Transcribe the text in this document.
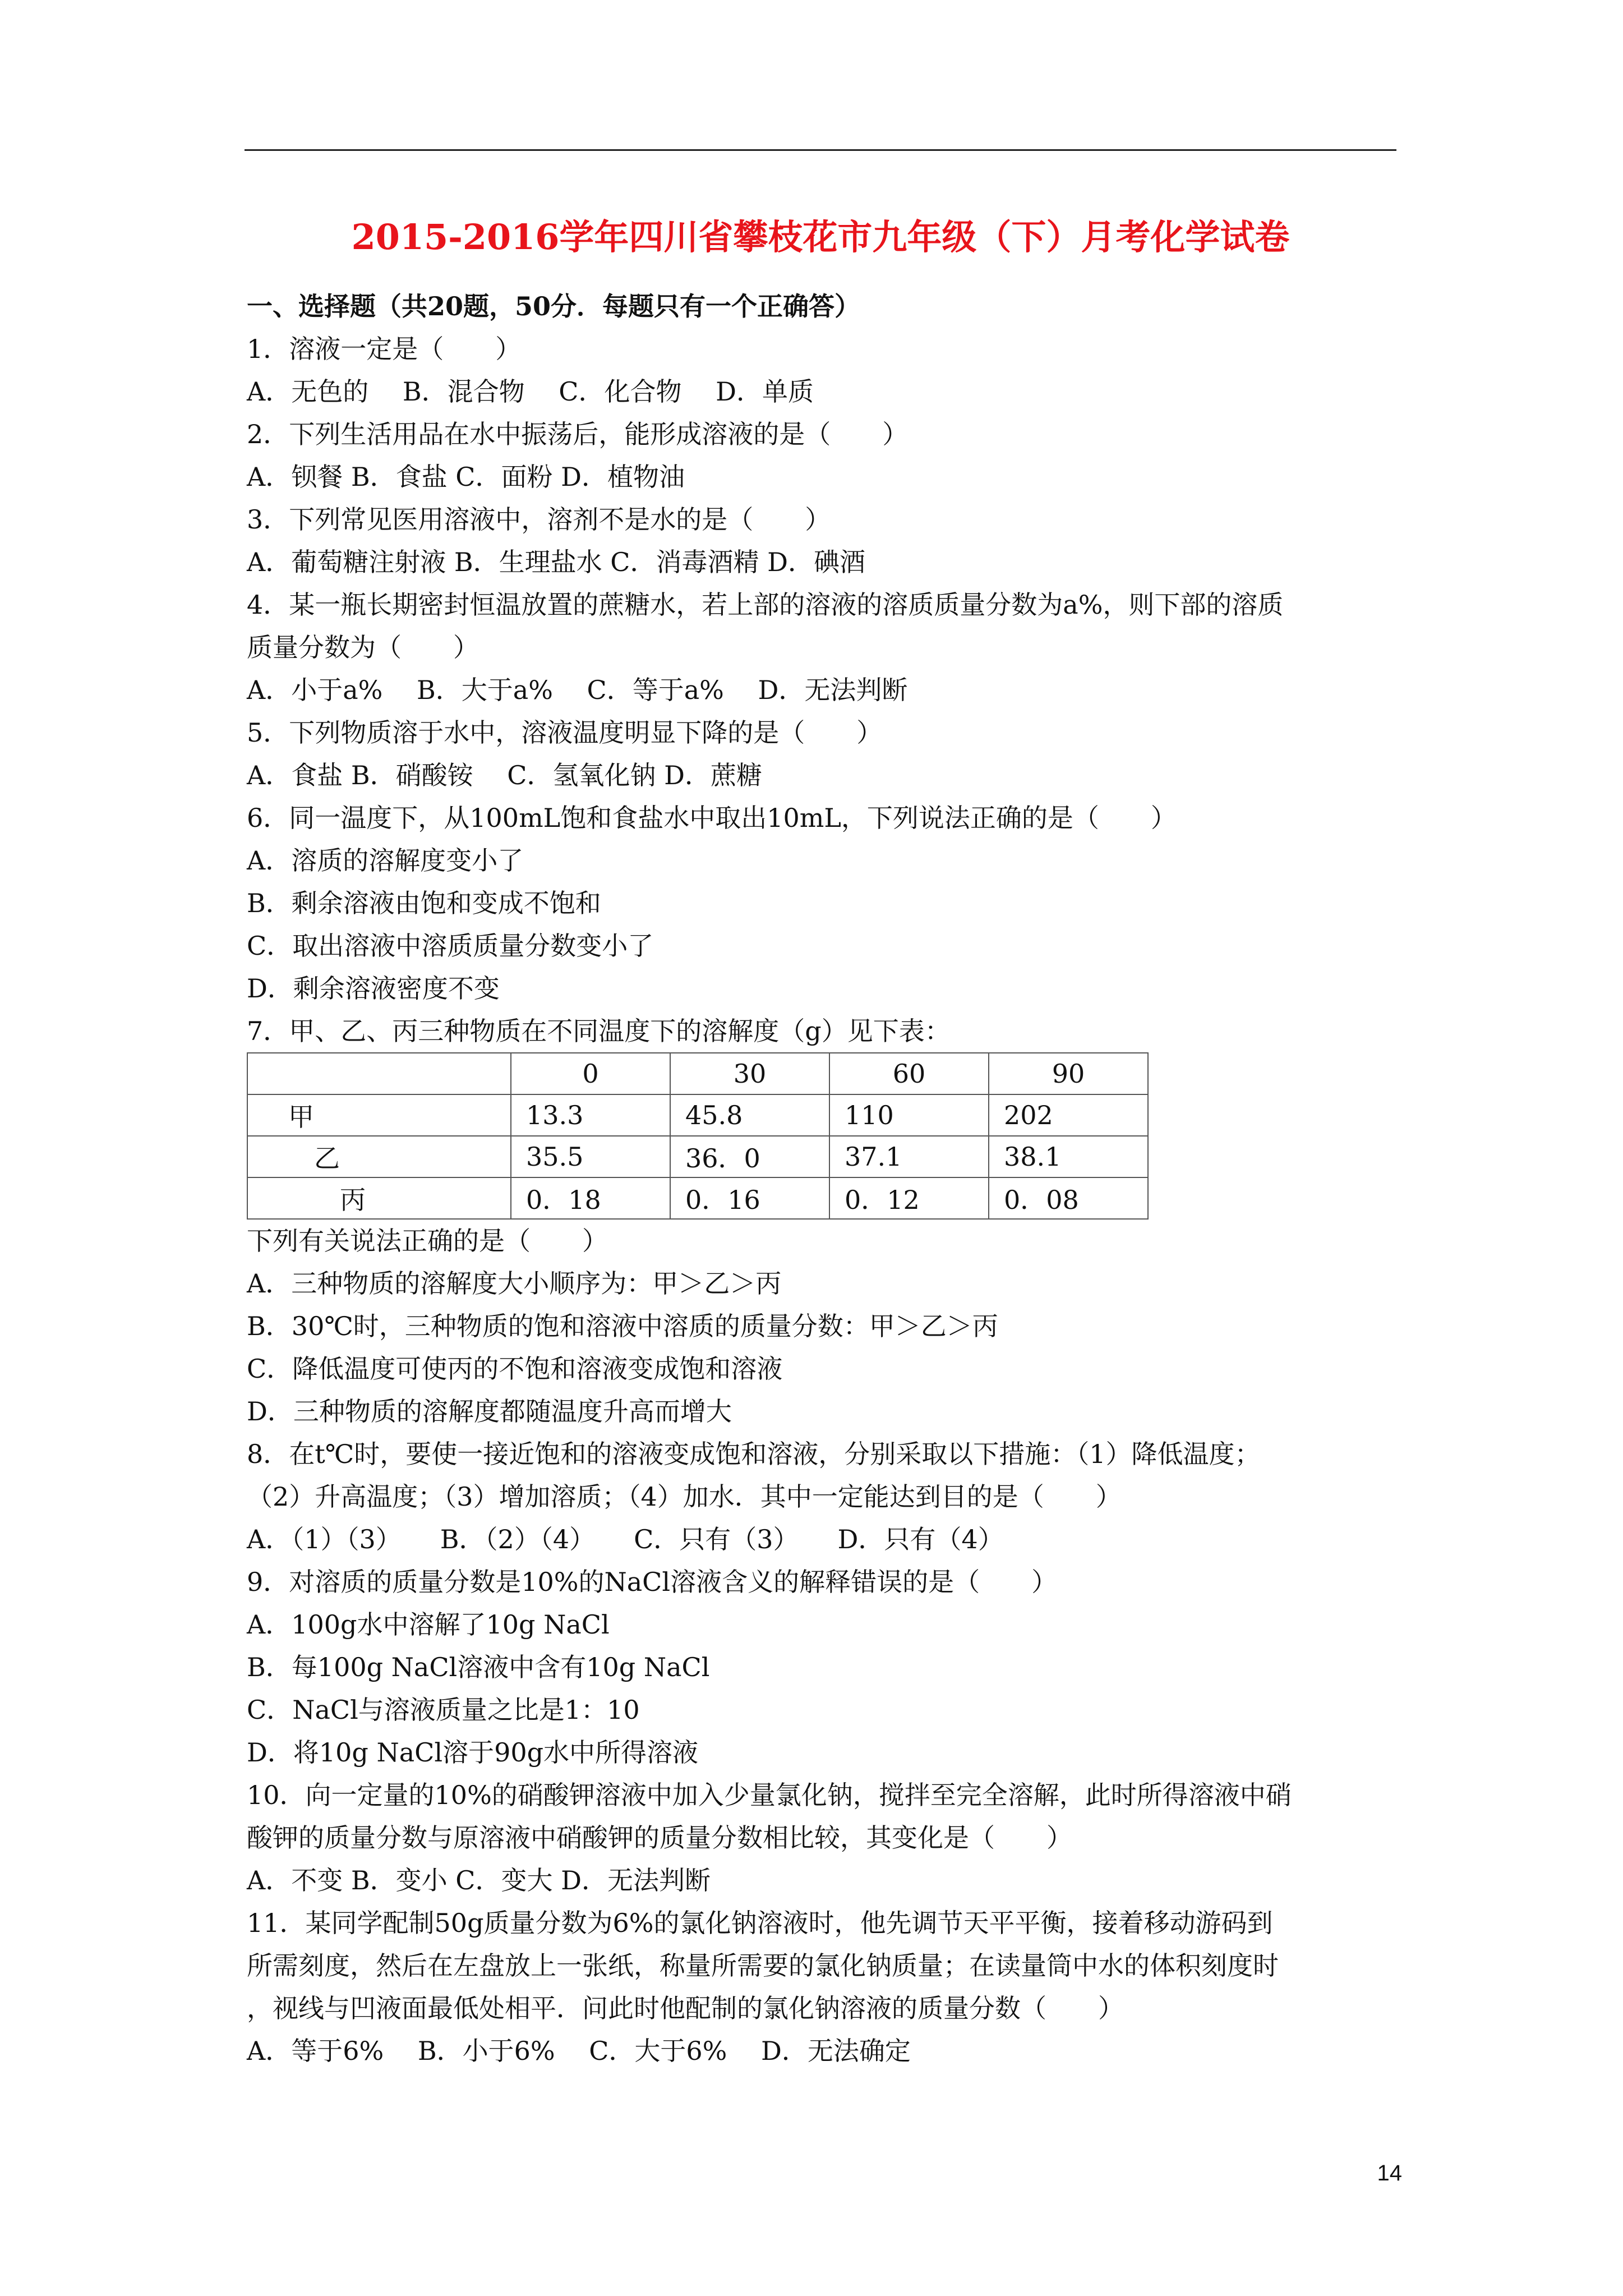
2015-2016学年四川省攀枝花市九年级（下）月考化学试卷
一、选择题（共20题，50分．每题只有一个正确答）
1．溶液一定是（　　）
A．无色的　 B．混合物　 C．化合物　 D．单质
2．下列生活用品在水中振荡后，能形成溶液的是（　　）
A．钡餐 B．食盐 C．面粉 D．植物油
3．下列常见医用溶液中，溶剂不是水的是（　　）
A．葡萄糖注射液 B．生理盐水 C．消毒酒精 D．碘酒
4．某一瓶长期密封恒温放置的蔗糖水，若上部的溶液的溶质质量分数为a%，则下部的溶质
质量分数为（　　）
A．小于a%　 B．大于a%　 C．等于a%　 D．无法判断
5．下列物质溶于水中，溶液温度明显下降的是（　　）
A．食盐 B．硝酸铵　 C．氢氧化钠 D．蔗糖
6．同一温度下，从100mL饱和食盐水中取出10mL，下列说法正确的是（　　）
A．溶质的溶解度变小了
B．剩余溶液由饱和变成不饱和
C．取出溶液中溶质质量分数变小了
D．剩余溶液密度不变
7．甲、乙、丙三种物质在不同温度下的溶解度（g）见下表：
	0	30	60	90
　甲	13.3	45.8	110	202
　　乙	35.5	36．0	37.1	38.1
　　　丙	0．18	0．16	0．12	0．08
下列有关说法正确的是（　　）
A．三种物质的溶解度大小顺序为：甲＞乙＞丙
B．30℃时，三种物质的饱和溶液中溶质的质量分数：甲＞乙＞丙
C．降低温度可使丙的不饱和溶液变成饱和溶液
D．三种物质的溶解度都随温度升高而增大
8．在t℃时，要使一接近饱和的溶液变成饱和溶液，分别采取以下措施：（1）降低温度；
（2）升高温度；（3）增加溶质；（4）加水．其中一定能达到目的是（　　）
A．（1）（3）　　B．（2）（4）　　C．只有（3）　　D．只有（4）
9．对溶质的质量分数是10%的NaCl溶液含义的解释错误的是（　　）
A．100g水中溶解了10g NaCl
B．每100g NaCl溶液中含有10g NaCl
C．NaCl与溶液质量之比是1：10
D．将10g NaCl溶于90g水中所得溶液
10．向一定量的10%的硝酸钾溶液中加入少量氯化钠，搅拌至完全溶解，此时所得溶液中硝
酸钾的质量分数与原溶液中硝酸钾的质量分数相比较，其变化是（　　）
A．不变 B．变小 C．变大 D．无法判断
11．某同学配制50g质量分数为6%的氯化钠溶液时，他先调节天平平衡，接着移动游码到
所需刻度，然后在左盘放上一张纸，称量所需要的氯化钠质量；在读量筒中水的体积刻度时
，视线与凹液面最低处相平．问此时他配制的氯化钠溶液的质量分数（　　）
A．等于6%　 B．小于6%　 C．大于6%　 D．无法确定
14
